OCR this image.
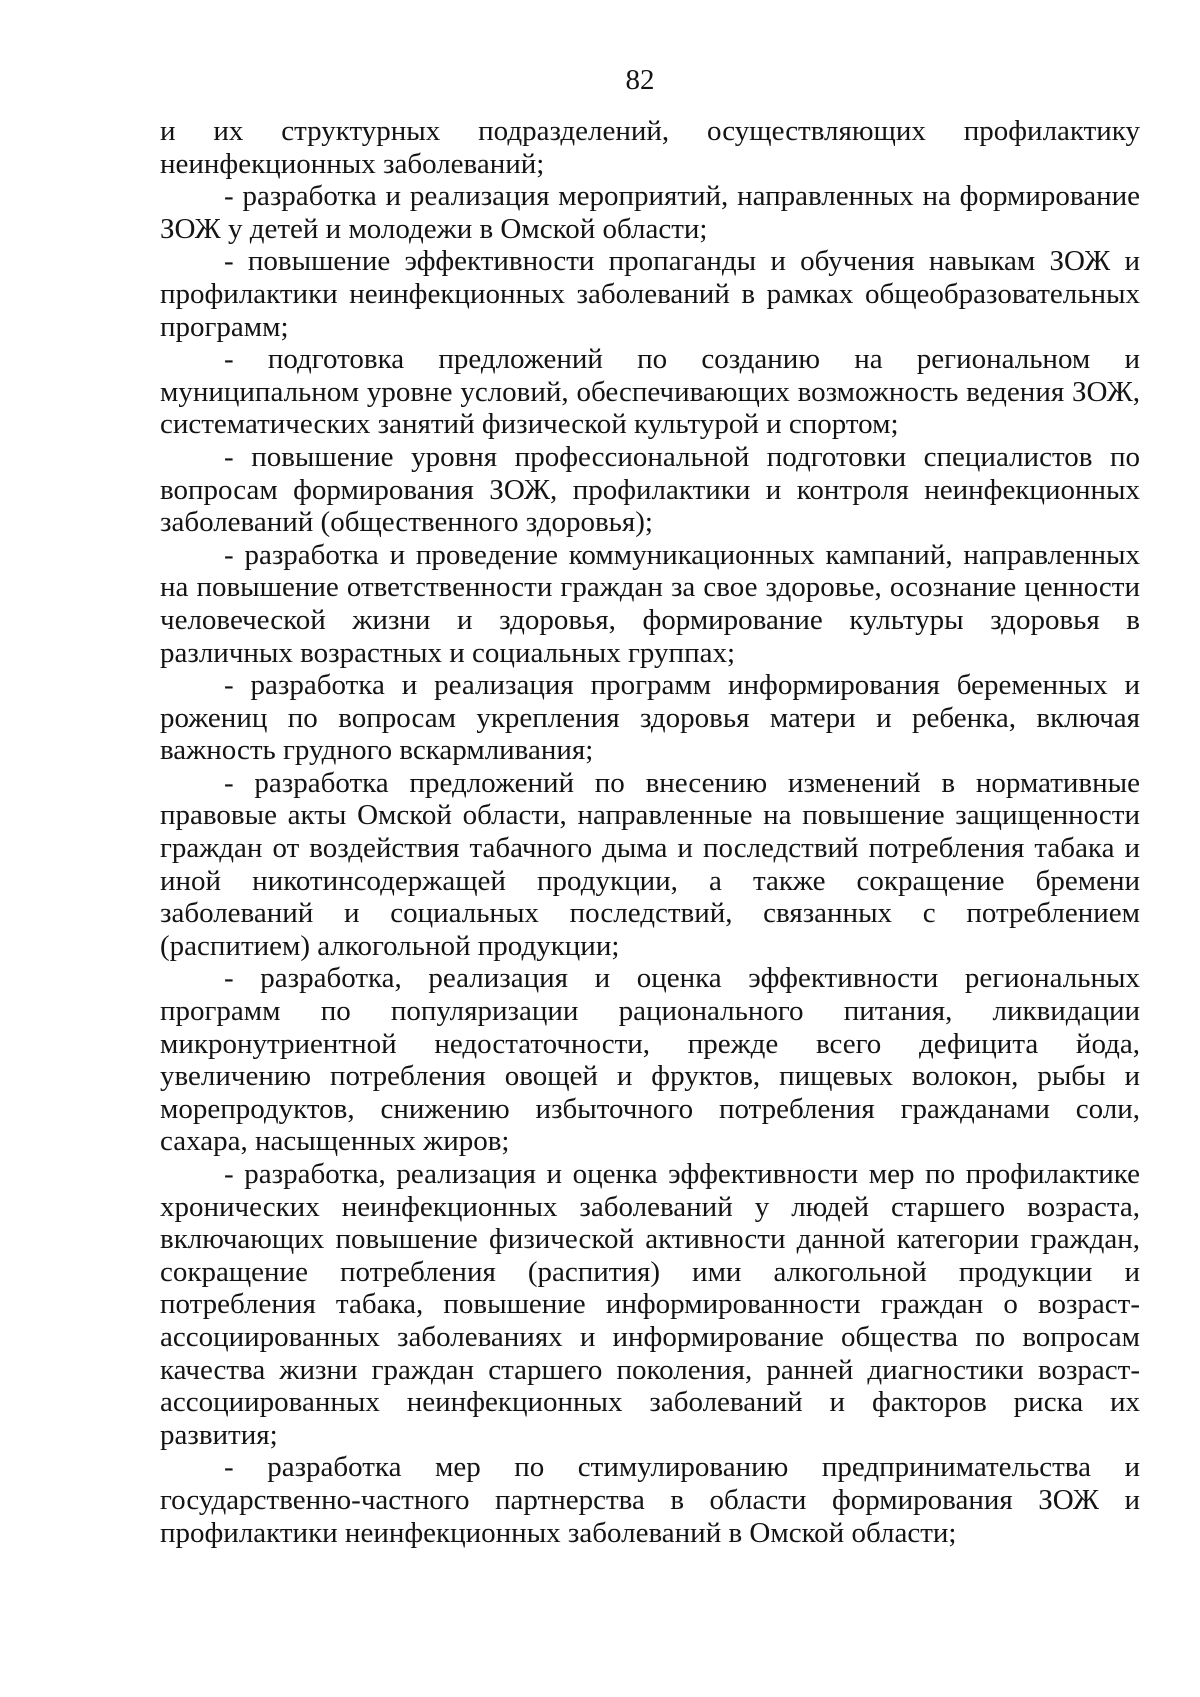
82

и их структурных подразделений, осуществляющих профилактику неинфекционных заболеваний;

- разработка и реализация мероприятий, направленных на формирование ЗОЖ у детей и молодежи в Омской области;

- повышение эффективности пропаганды и обучения навыкам ЗОЖ и профилактики неинфекционных заболеваний в рамках общеобразовательных программ;

- подготовка предложений по созданию на региональном и муниципальном уровне условий, обеспечивающих возможность ведения ЗОЖ, систематических занятий физической культурой и спортом;

- повышение уровня профессиональной подготовки специалистов по вопросам формирования ЗОЖ, профилактики и контроля неинфекционных заболеваний (общественного здоровья);

- разработка и проведение коммуникационных кампаний, направленных на повышение ответственности граждан за свое здоровье, осознание ценности человеческой жизни и здоровья, формирование культуры здоровья в различных возрастных и социальных группах;

- разработка и реализация программ информирования беременных и рожениц по вопросам укрепления здоровья матери и ребенка, включая важность грудного вскармливания;

- разработка предложений по внесению изменений в нормативные правовые акты Омской области, направленные на повышение защищенности граждан от воздействия табачного дыма и последствий потребления табака и иной никотинсодержащей продукции, а также сокращение бремени заболеваний и социальных последствий, связанных с потреблением (распитием) алкогольной продукции;

- разработка, реализация и оценка эффективности региональных программ по популяризации рационального питания, ликвидации микронутриентной недостаточности, прежде всего дефицита йода, увеличению потребления овощей и фруктов, пищевых волокон, рыбы и морепродуктов, снижению избыточного потребления гражданами соли, сахара, насыщенных жиров;

- разработка, реализация и оценка эффективности мер по профилактике хронических неинфекционных заболеваний у людей старшего возраста, включающих повышение физической активности данной категории граждан, сокращение потребления (распития) ими алкогольной продукции и потребления табака, повышение информированности граждан о возраст-ассоциированных заболеваниях и информирование общества по вопросам качества жизни граждан старшего поколения, ранней диагностики возраст-ассоциированных неинфекционных заболеваний и факторов риска их развития;

- разработка мер по стимулированию предпринимательства и государственно-частного партнерства в области формирования ЗОЖ и профилактики неинфекционных заболеваний в Омской области;
